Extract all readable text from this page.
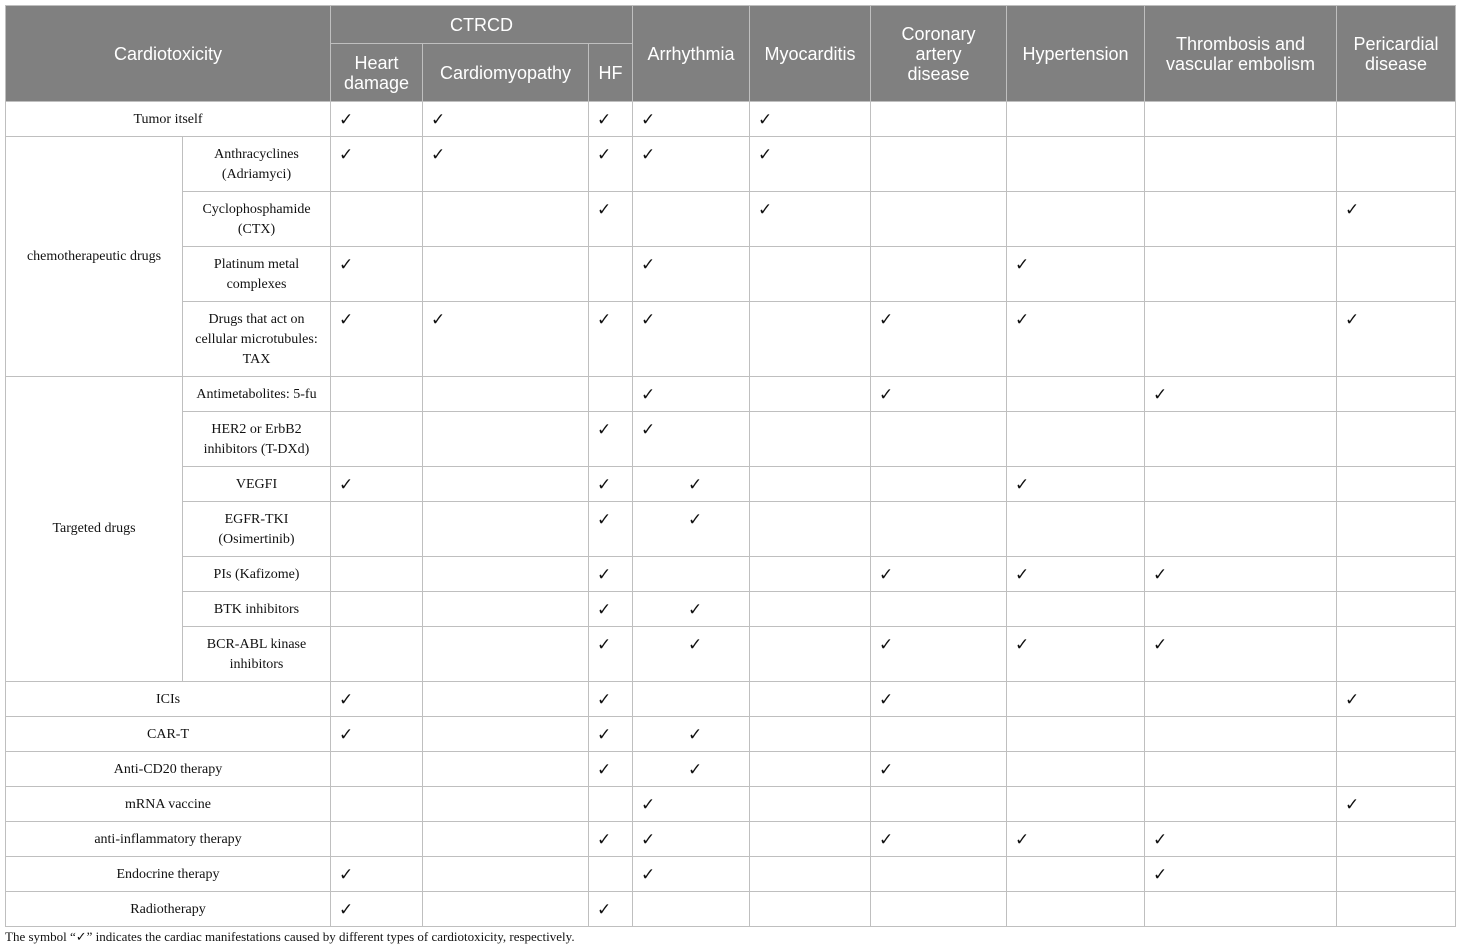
Cardiotoxicity		CTRCD			Arrhythmia	Myocarditis	Coronary artery disease	Hypertension	Thrombosis and vascular embolism	Pericardial disease
		Heart damage	Cardiomyopathy	HF						
Tumor itself		✓	✓	✓	✓	✓				
chemotherapeutic drugs	Anthracyclines (Adriamyci)	✓	✓	✓	✓	✓				
	Cyclophosphamide (CTX)			✓		✓				✓
	Platinum metal complexes	✓			✓			✓		
	Drugs that act on cellular microtubules: TAX	✓	✓	✓	✓		✓	✓		✓
Targeted drugs	Antimetabolites: 5-fu				✓		✓		✓	
	HER2 or ErbB2 inhibitors (T-DXd)			✓	✓					
	VEGFI	✓		✓	✓			✓		
	EGFR-TKI (Osimertinib)			✓	✓					
	PIs (Kafizome)			✓			✓	✓	✓	
	BTK inhibitors			✓	✓					
	BCR-ABL kinase inhibitors			✓	✓		✓	✓	✓	
ICIs		✓		✓			✓			✓
CAR-T		✓		✓	✓					
Anti-CD20 therapy				✓	✓		✓			
mRNA vaccine					✓					✓
anti-inflammatory therapy				✓	✓		✓	✓	✓	
Endocrine therapy		✓			✓				✓	
Radiotherapy		✓		✓						
The symbol “✓” indicates the cardiac manifestations caused by different types of cardiotoxicity, respectively.
